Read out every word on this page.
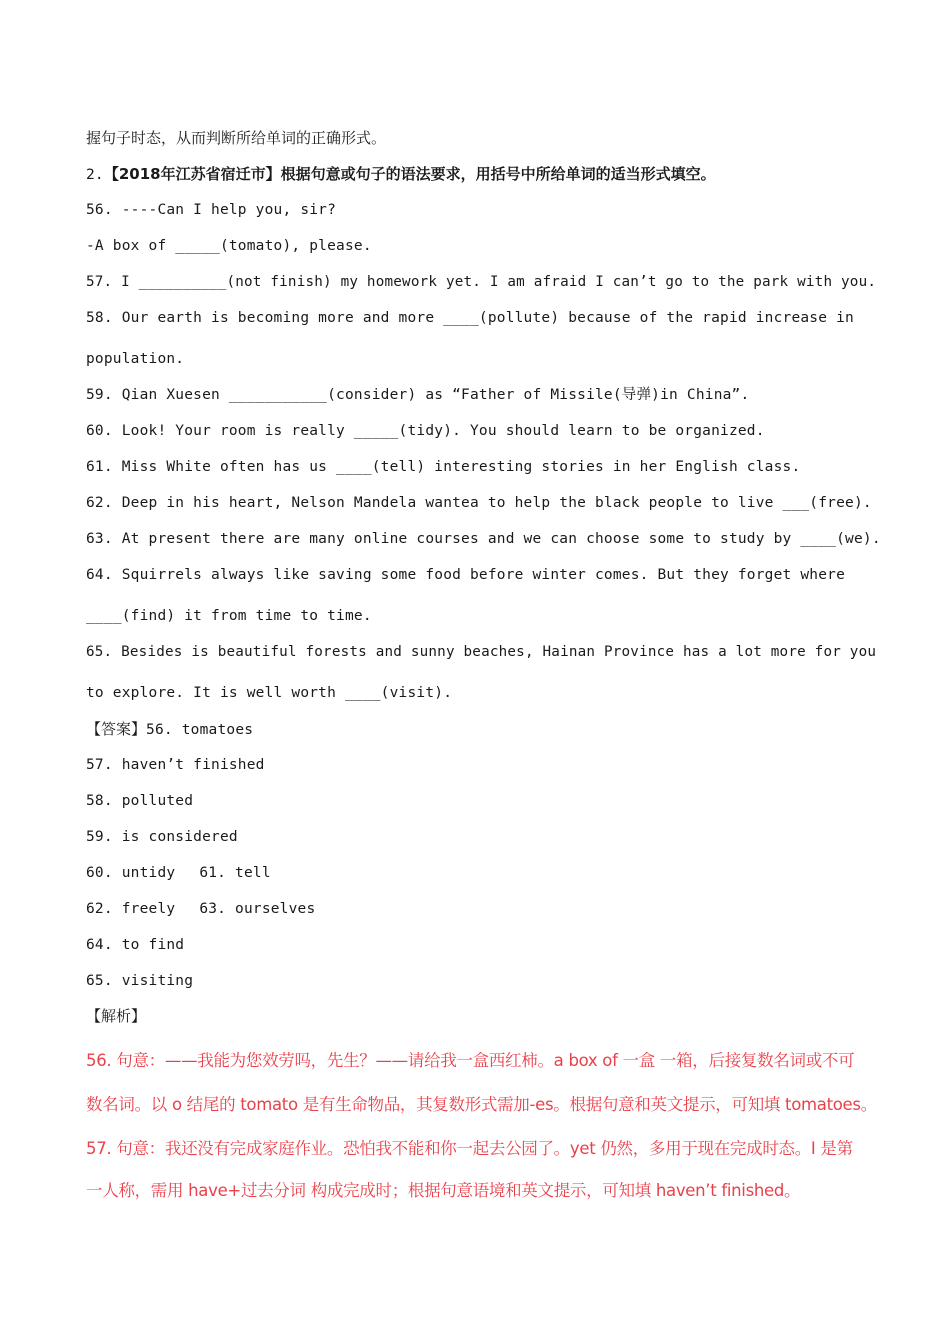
握句子时态，从而判断所给单词的正确形式。
2.【2018年江苏省宿迁市】根据句意或句子的语法要求，用括号中所给单词的适当形式填空。
56. ----Can I help you, sir?
-A box of _____(tomato), please.
57. I __________(not finish) my homework yet. I am afraid I can’t go to the park with you.
58. Our earth is becoming more and more ____(pollute) because of the rapid increase in
population.
59. Qian Xuesen ___________(consider) as “Father of Missile(导弹)in China”.
60. Look! Your room is really _____(tidy). You should learn to be organized.
61. Miss White often has us ____(tell) interesting stories in her English class.
62. Deep in his heart, Nelson Mandela wantea to help the black people to live ___(free).
63. At present there are many online courses and we can choose some to study by ____(we).
64. Squirrels always like saving some food before winter comes. But they forget where
____(find) it from time to time.
65. Besides is beautiful forests and sunny beaches, Hainan Province has a lot more for you
to explore. It is well worth ____(visit).
【答案】56. tomatoes
57. haven’t finished
58. polluted
59. is considered
60. untidy 61. tell
62. freely 63. ourselves
64. to find
65. visiting
【解析】
56. 句意：——我能为您效劳吗，先生？——请给我一盒西红柿。a box of 一盒 一箱，后接复数名词或不可
数名词。以 o 结尾的 tomato 是有生命物品，其复数形式需加-es。根据句意和英文提示，可知填 tomatoes。
57. 句意：我还没有完成家庭作业。恐怕我不能和你一起去公园了。yet 仍然，多用于现在完成时态。I 是第
一人称，需用 have+过去分词 构成完成时；根据句意语境和英文提示，可知填 haven’t finished。
